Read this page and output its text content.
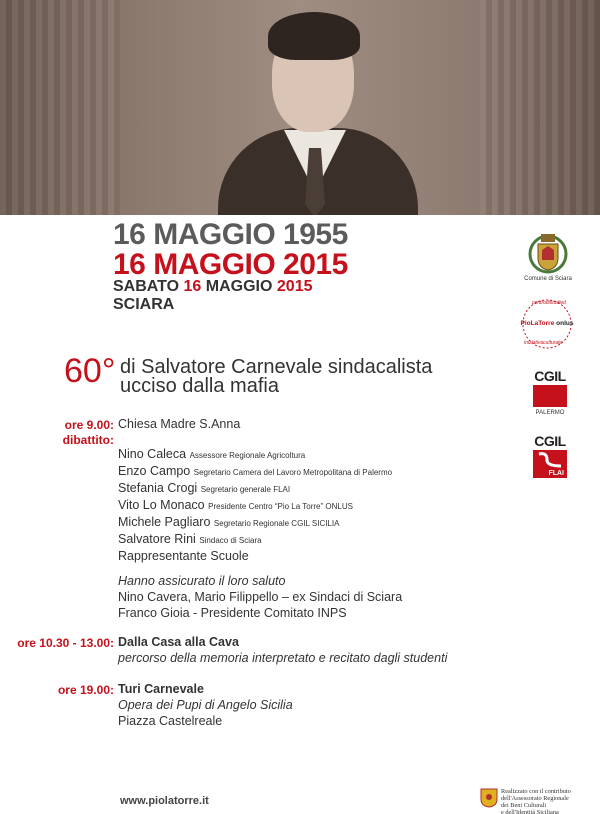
16 MAGGIO 1955
16 MAGGIO 2015
SABATO 16 MAGGIO 2015
SCIARA
60° di Salvatore Carnevale sindacalista
ucciso dalla mafia
ore 9.00: Chiesa Madre S.Anna
dibattito:
Nino Caleca Assessore Regionale Agricoltura
Enzo Campo Segretario Camera del Lavoro Metropolitana di Palermo
Stefania Crogi Segretario generale FLAI
Vito Lo Monaco Presidente Centro “Pio La Torre” ONLUS
Michele Pagliaro Segretario Regionale CGIL SICILIA
Salvatore Rini Sindaco di Sciara
Rappresentante Scuole
Hanno assicurato il loro saluto
Nino Cavera, Mario Filippello – ex Sindaci di Sciara
Franco Gioia - Presidente Comitato INPS
ore 10.30 - 13.00: Dalla Casa alla Cava
percorso della memoria interpretato e recitato dagli studenti
ore 19.00: Turi Carnevale
Opera dei Pupi di Angelo Sicilia
Piazza Castelreale
Comune di Sciara
centrodistudied
PioLaTorre onlus
iniziativaculturale
CGIL
PALERMO
CGIL
FLAI
www.piolatorre.it
Realizzato con il contributo
dell'Assessorato Regionale
dei Beni Culturali
e dell'Identità Siciliana
